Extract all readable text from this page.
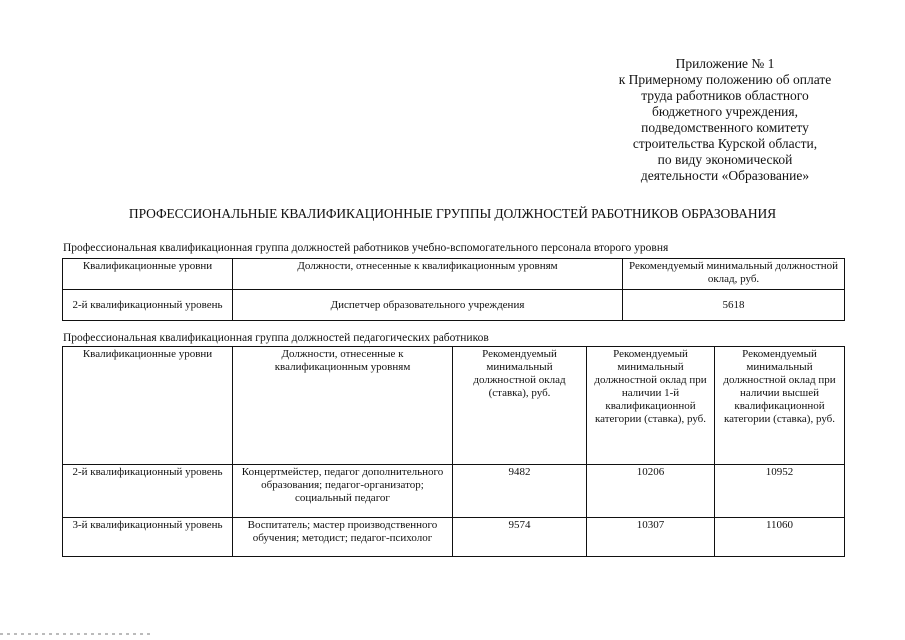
Приложение № 1
к Примерному положению об оплате
труда работников областного
бюджетного учреждения,
подведомственного комитету
строительства Курской области,
по виду экономической
деятельности «Образование»
ПРОФЕССИОНАЛЬНЫЕ КВАЛИФИКАЦИОННЫЕ ГРУППЫ ДОЛЖНОСТЕЙ РАБОТНИКОВ ОБРАЗОВАНИЯ
Профессиональная квалификационная группа должностей работников учебно-вспомогательного персонала второго уровня
Квалификационные уровни	Должности, отнесенные к квалификационным уровням	Рекомендуемый минимальный должностной оклад, руб.
2-й квалификационный уровень	Диспетчер образовательного учреждения	5618
Профессиональная квалификационная группа должностей педагогических работников
Квалификационные уровни	Должности, отнесенные к квалификационным уровням	Рекомендуемый минимальный должностной оклад (ставка), руб.	Рекомендуемый минимальный должностной оклад при наличии 1-й квалификационной категории (ставка), руб.	Рекомендуемый минимальный должностной оклад при наличии высшей квалификационной категории (ставка), руб.
2-й квалификационный уровень	Концертмейстер, педагог дополнительного образования; педагог-организатор; социальный педагог	9482	10206	10952
3-й квалификационный уровень	Воспитатель; мастер производственного обучения; методист; педагог-психолог	9574	10307	11060
